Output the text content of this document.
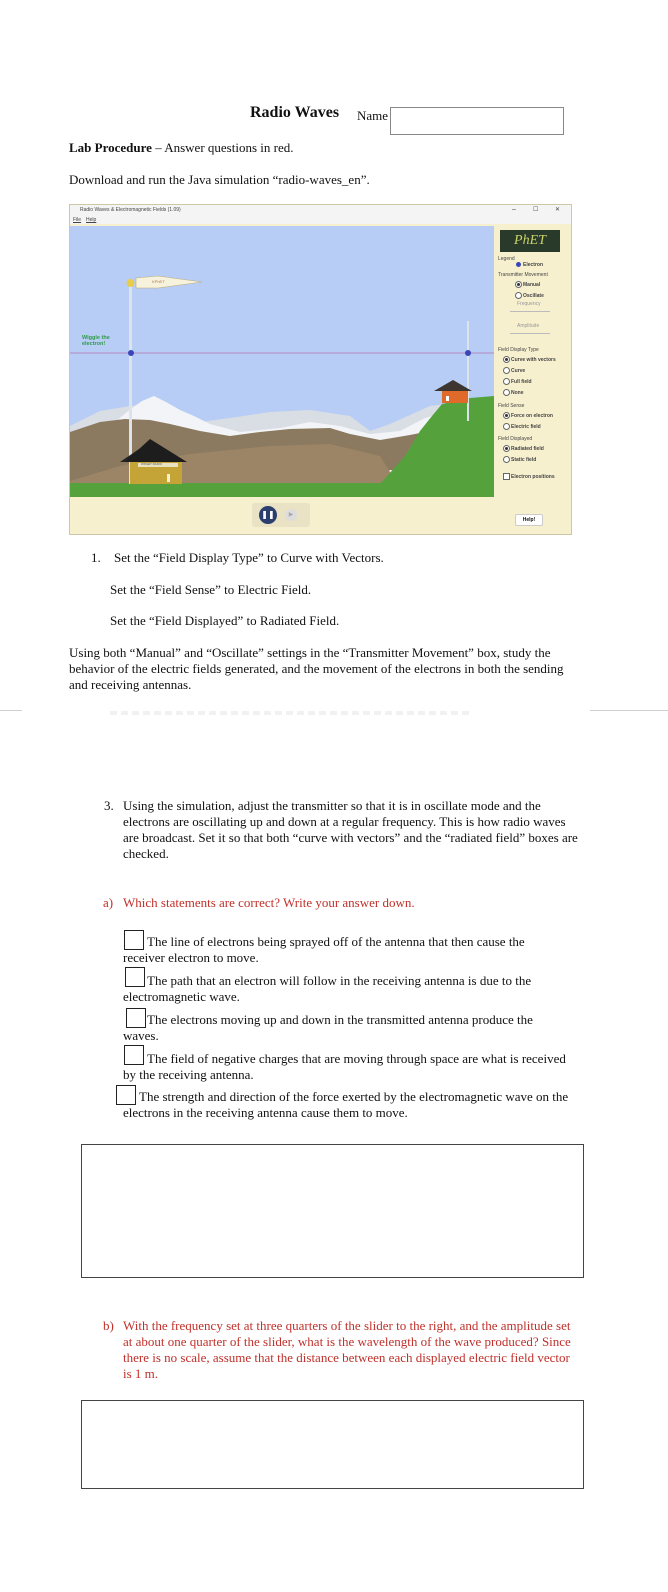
Radio Waves Name
Lab Procedure – Answer questions in red.
Download and run the Java simulation “radio-waves_en”.
Radio Waves & Electromagnetic Fields (1.09)	–	☐	✕
File Help
KPhET
WPHET RADIO
Wiggle the electron!
PhET
Legend
Electron
Transmitter Movement
Manual
Oscillate
Frequency
Amplitude
Field Display Type
Curve with vectors
Curve
Full field
None
Field Sense
Force on electron
Electric field
Field Displayed
Radiated field
Static field
Electron positions
❚❚	▶
Help!
1. Set the “Field Display Type” to Curve with Vectors.
Set the “Field Sense” to Electric Field.
Set the “Field Displayed” to Radiated Field.
Using both “Manual” and “Oscillate” settings in the “Transmitter Movement” box, study the behavior of the electric fields generated, and the movement of the electrons in both the sending and receiving antennas.
3. Using the simulation, adjust the transmitter so that it is in oscillate mode and the electrons are oscillating up and down at a regular frequency. This is how radio waves are broadcast. Set it so that both “curve with vectors” and the “radiated field” boxes are checked.
a) Which statements are correct? Write your answer down.
The line of electrons being sprayed off of the antenna that then cause the receiver electron to move.
The path that an electron will follow in the receiving antenna is due to the electromagnetic wave.
The electrons moving up and down in the transmitted antenna produce the waves.
The field of negative charges that are moving through space are what is received by the receiving antenna.
The strength and direction of the force exerted by the electromagnetic wave on the electrons in the receiving antenna cause them to move.
b) With the frequency set at three quarters of the slider to the right, and the amplitude set at about one quarter of the slider, what is the wavelength of the wave produced? Since there is no scale, assume that the distance between each displayed electric field vector is 1 m.
